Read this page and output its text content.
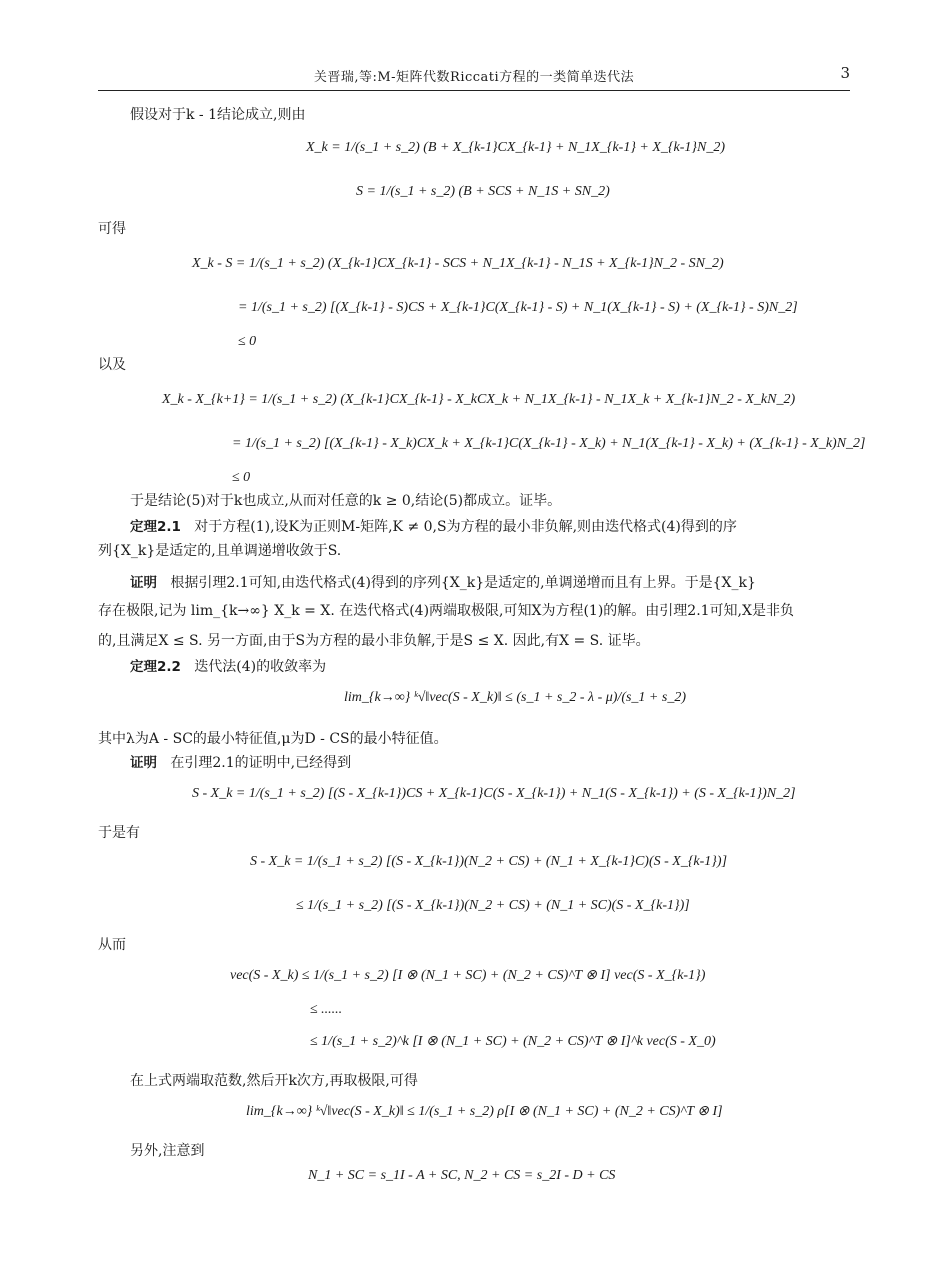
关晋瑞,等:M-矩阵代数Riccati方程的一类简单迭代法	3
假设对于k - 1结论成立,则由
X_k = 1/(s_1 + s_2) (B + X_{k-1}CX_{k-1} + N_1X_{k-1} + X_{k-1}N_2)
S = 1/(s_1 + s_2) (B + SCS + N_1S + SN_2)
可得
X_k - S = 1/(s_1 + s_2) (X_{k-1}CX_{k-1} - SCS + N_1X_{k-1} - N_1S + X_{k-1}N_2 - SN_2)
= 1/(s_1 + s_2) [(X_{k-1} - S)CS + X_{k-1}C(X_{k-1} - S) + N_1(X_{k-1} - S) + (X_{k-1} - S)N_2]
≤ 0
以及
X_k - X_{k+1} = 1/(s_1 + s_2) (X_{k-1}CX_{k-1} - X_kCX_k + N_1X_{k-1} - N_1X_k + X_{k-1}N_2 - X_kN_2)
= 1/(s_1 + s_2) [(X_{k-1} - X_k)CX_k + X_{k-1}C(X_{k-1} - X_k) + N_1(X_{k-1} - X_k) + (X_{k-1} - X_k)N_2]
≤ 0
于是结论(5)对于k也成立,从而对任意的k ≥ 0,结论(5)都成立。证毕。
定理2.1 对于方程(1),设K为正则M-矩阵,K ≠ 0,S为方程的最小非负解,则由迭代格式(4)得到的序
列{X_k}是适定的,且单调递增收敛于S.
证明 根据引理2.1可知,由迭代格式(4)得到的序列{X_k}是适定的,单调递增而且有上界。于是{X_k}
存在极限,记为 lim_{k→∞} X_k = X. 在迭代格式(4)两端取极限,可知X为方程(1)的解。由引理2.1可知,X是非负
的,且满足X ≤ S. 另一方面,由于S为方程的最小非负解,于是S ≤ X. 因此,有X = S. 证毕。
定理2.2 迭代法(4)的收敛率为
lim_{k→∞} ᵏ√‖vec(S - X_k)‖ ≤ (s_1 + s_2 - λ - μ)/(s_1 + s_2)
其中λ为A - SC的最小特征值,μ为D - CS的最小特征值。
证明 在引理2.1的证明中,已经得到
S - X_k = 1/(s_1 + s_2) [(S - X_{k-1})CS + X_{k-1}C(S - X_{k-1}) + N_1(S - X_{k-1}) + (S - X_{k-1})N_2]
于是有
S - X_k = 1/(s_1 + s_2) [(S - X_{k-1})(N_2 + CS) + (N_1 + X_{k-1}C)(S - X_{k-1})]
≤ 1/(s_1 + s_2) [(S - X_{k-1})(N_2 + CS) + (N_1 + SC)(S - X_{k-1})]
从而
vec(S - X_k) ≤ 1/(s_1 + s_2) [I ⊗ (N_1 + SC) + (N_2 + CS)^T ⊗ I] vec(S - X_{k-1})
≤ ......
≤ 1/(s_1 + s_2)^k [I ⊗ (N_1 + SC) + (N_2 + CS)^T ⊗ I]^k vec(S - X_0)
在上式两端取范数,然后开k次方,再取极限,可得
lim_{k→∞} ᵏ√‖vec(S - X_k)‖ ≤ 1/(s_1 + s_2) ρ[I ⊗ (N_1 + SC) + (N_2 + CS)^T ⊗ I]
另外,注意到
N_1 + SC = s_1I - A + SC, N_2 + CS = s_2I - D + CS
